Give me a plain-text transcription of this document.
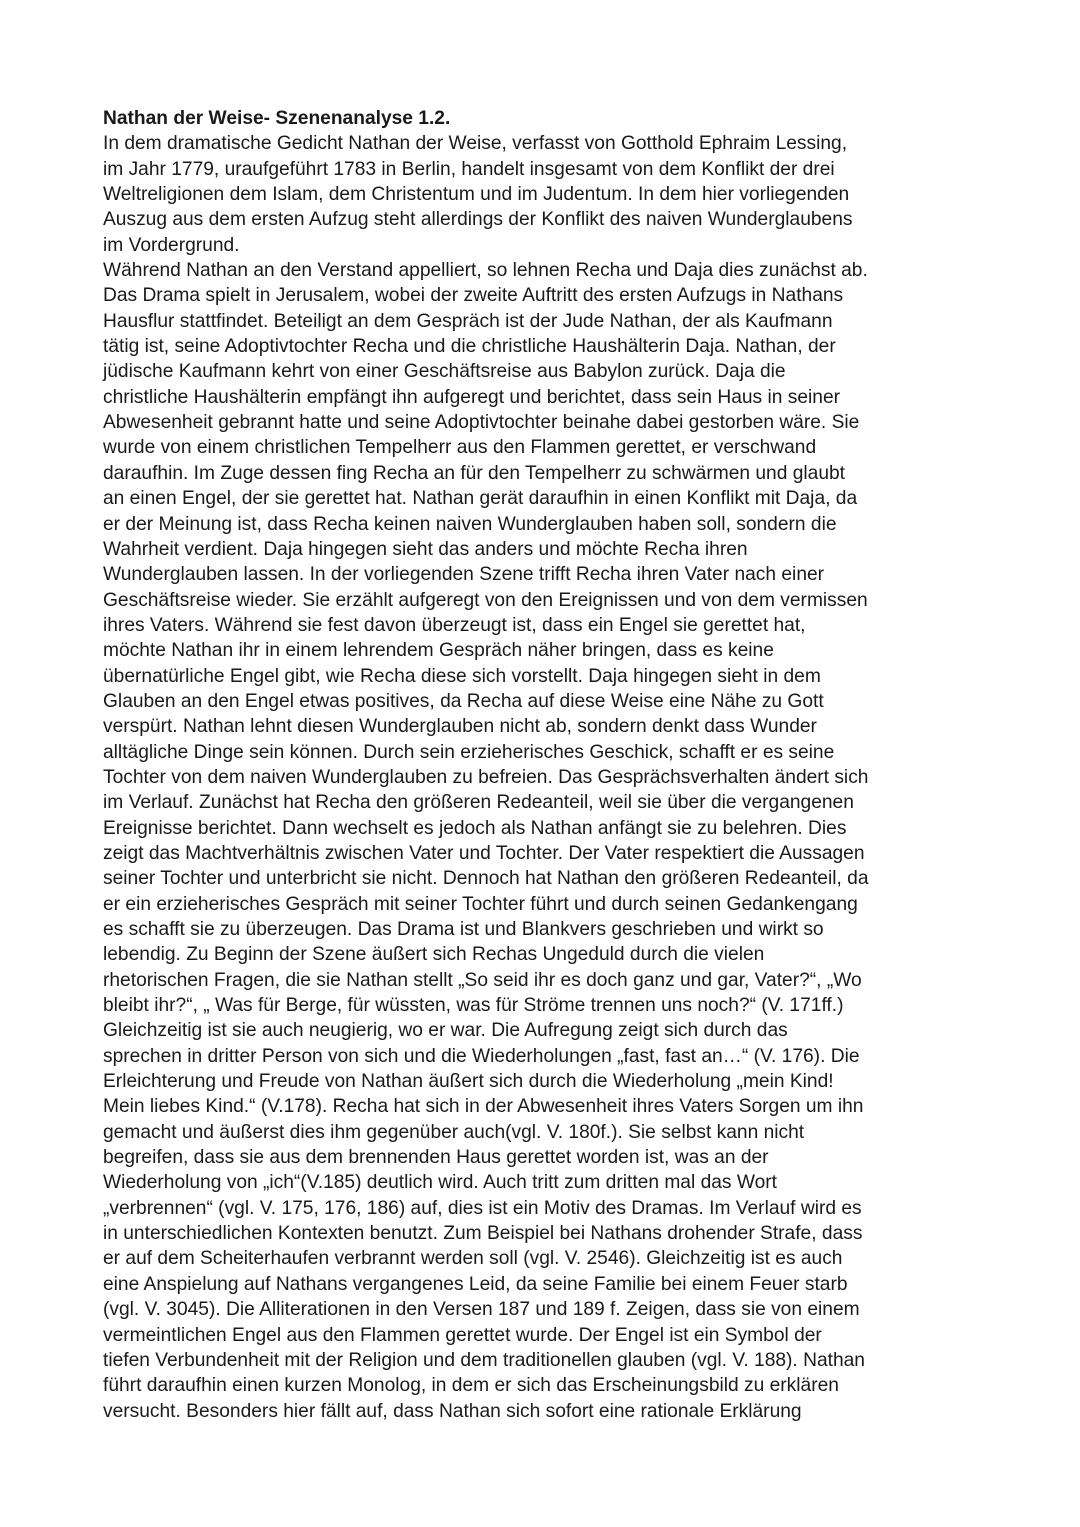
Nathan der Weise- Szenenanalyse 1.2.
In dem dramatische Gedicht Nathan der Weise, verfasst von Gotthold Ephraim Lessing,
im Jahr 1779, uraufgeführt 1783 in Berlin, handelt insgesamt von dem Konflikt der drei
Weltreligionen dem Islam, dem Christentum und im Judentum. In dem hier vorliegenden
Auszug aus dem ersten Aufzug steht allerdings der Konflikt des naiven Wunderglaubens
im Vordergrund.
Während Nathan an den Verstand appelliert, so lehnen Recha und Daja dies zunächst ab.
Das Drama spielt in Jerusalem, wobei der zweite Auftritt des ersten Aufzugs in Nathans
Hausflur stattfindet. Beteiligt an dem Gespräch ist der Jude Nathan, der als Kaufmann
tätig ist, seine Adoptivtochter Recha und die christliche Haushälterin Daja. Nathan, der
jüdische Kaufmann kehrt von einer Geschäftsreise aus Babylon zurück. Daja die
christliche Haushälterin empfängt ihn aufgeregt und berichtet, dass sein Haus in seiner
Abwesenheit gebrannt hatte und seine Adoptivtochter beinahe dabei gestorben wäre. Sie
wurde von einem christlichen Tempelherr aus den Flammen gerettet, er verschwand
daraufhin. Im Zuge dessen fing Recha an für den Tempelherr zu schwärmen und glaubt
an einen Engel, der sie gerettet hat. Nathan gerät daraufhin in einen Konflikt mit Daja, da
er der Meinung ist, dass Recha keinen naiven Wunderglauben haben soll, sondern die
Wahrheit verdient. Daja hingegen sieht das anders und möchte Recha ihren
Wunderglauben lassen. In der vorliegenden Szene trifft Recha ihren Vater nach einer
Geschäftsreise wieder. Sie erzählt aufgeregt von den Ereignissen und von dem vermissen
ihres Vaters. Während sie fest davon überzeugt ist, dass ein Engel sie gerettet hat,
möchte Nathan ihr in einem lehrendem Gespräch näher bringen, dass es keine
übernatürliche Engel gibt, wie Recha diese sich vorstellt. Daja hingegen sieht in dem
Glauben an den Engel etwas positives, da Recha auf diese Weise eine Nähe zu Gott
verspürt. Nathan lehnt diesen Wunderglauben nicht ab, sondern denkt dass Wunder
alltägliche Dinge sein können. Durch sein erzieherisches Geschick, schafft er es seine
Tochter von dem naiven Wunderglauben zu befreien. Das Gesprächsverhalten ändert sich
im Verlauf. Zunächst hat Recha den größeren Redeanteil, weil sie über die vergangenen
Ereignisse berichtet. Dann wechselt es jedoch als Nathan anfängt sie zu belehren. Dies
zeigt das Machtverhältnis zwischen Vater und Tochter. Der Vater respektiert die Aussagen
seiner Tochter und unterbricht sie nicht. Dennoch hat Nathan den größeren Redeanteil, da
er ein erzieherisches Gespräch mit seiner Tochter führt und durch seinen Gedankengang
es schafft sie zu überzeugen. Das Drama ist und Blankvers geschrieben und wirkt so
lebendig. Zu Beginn der Szene äußert sich Rechas Ungeduld durch die vielen
rhetorischen Fragen, die sie Nathan stellt „So seid ihr es doch ganz und gar, Vater?“, „Wo
bleibt ihr?“, „ Was für Berge, für wüssten, was für Ströme trennen uns noch?“ (V. 171ff.)
Gleichzeitig ist sie auch neugierig, wo er war. Die Aufregung zeigt sich durch das
sprechen in dritter Person von sich und die Wiederholungen „fast, fast an…“ (V. 176). Die
Erleichterung und Freude von Nathan äußert sich durch die Wiederholung „mein Kind!
Mein liebes Kind.“ (V.178). Recha hat sich in der Abwesenheit ihres Vaters Sorgen um ihn
gemacht und äußerst dies ihm gegenüber auch(vgl. V. 180f.). Sie selbst kann nicht
begreifen, dass sie aus dem brennenden Haus gerettet worden ist, was an der
Wiederholung von „ich“(V.185) deutlich wird. Auch tritt zum dritten mal das Wort
„verbrennen“ (vgl. V. 175, 176, 186) auf, dies ist ein Motiv des Dramas. Im Verlauf wird es
in unterschiedlichen Kontexten benutzt. Zum Beispiel bei Nathans drohender Strafe, dass
er auf dem Scheiterhaufen verbrannt werden soll (vgl. V. 2546). Gleichzeitig ist es auch
eine Anspielung auf Nathans vergangenes Leid, da seine Familie bei einem Feuer starb
(vgl. V. 3045). Die Alliterationen in den Versen 187 und 189 f. Zeigen, dass sie von einem
vermeintlichen Engel aus den Flammen gerettet wurde. Der Engel ist ein Symbol der
tiefen Verbundenheit mit der Religion und dem traditionellen glauben (vgl. V. 188). Nathan
führt daraufhin einen kurzen Monolog, in dem er sich das Erscheinungsbild zu erklären
versucht. Besonders hier fällt auf, dass Nathan sich sofort eine rationale Erklärung
